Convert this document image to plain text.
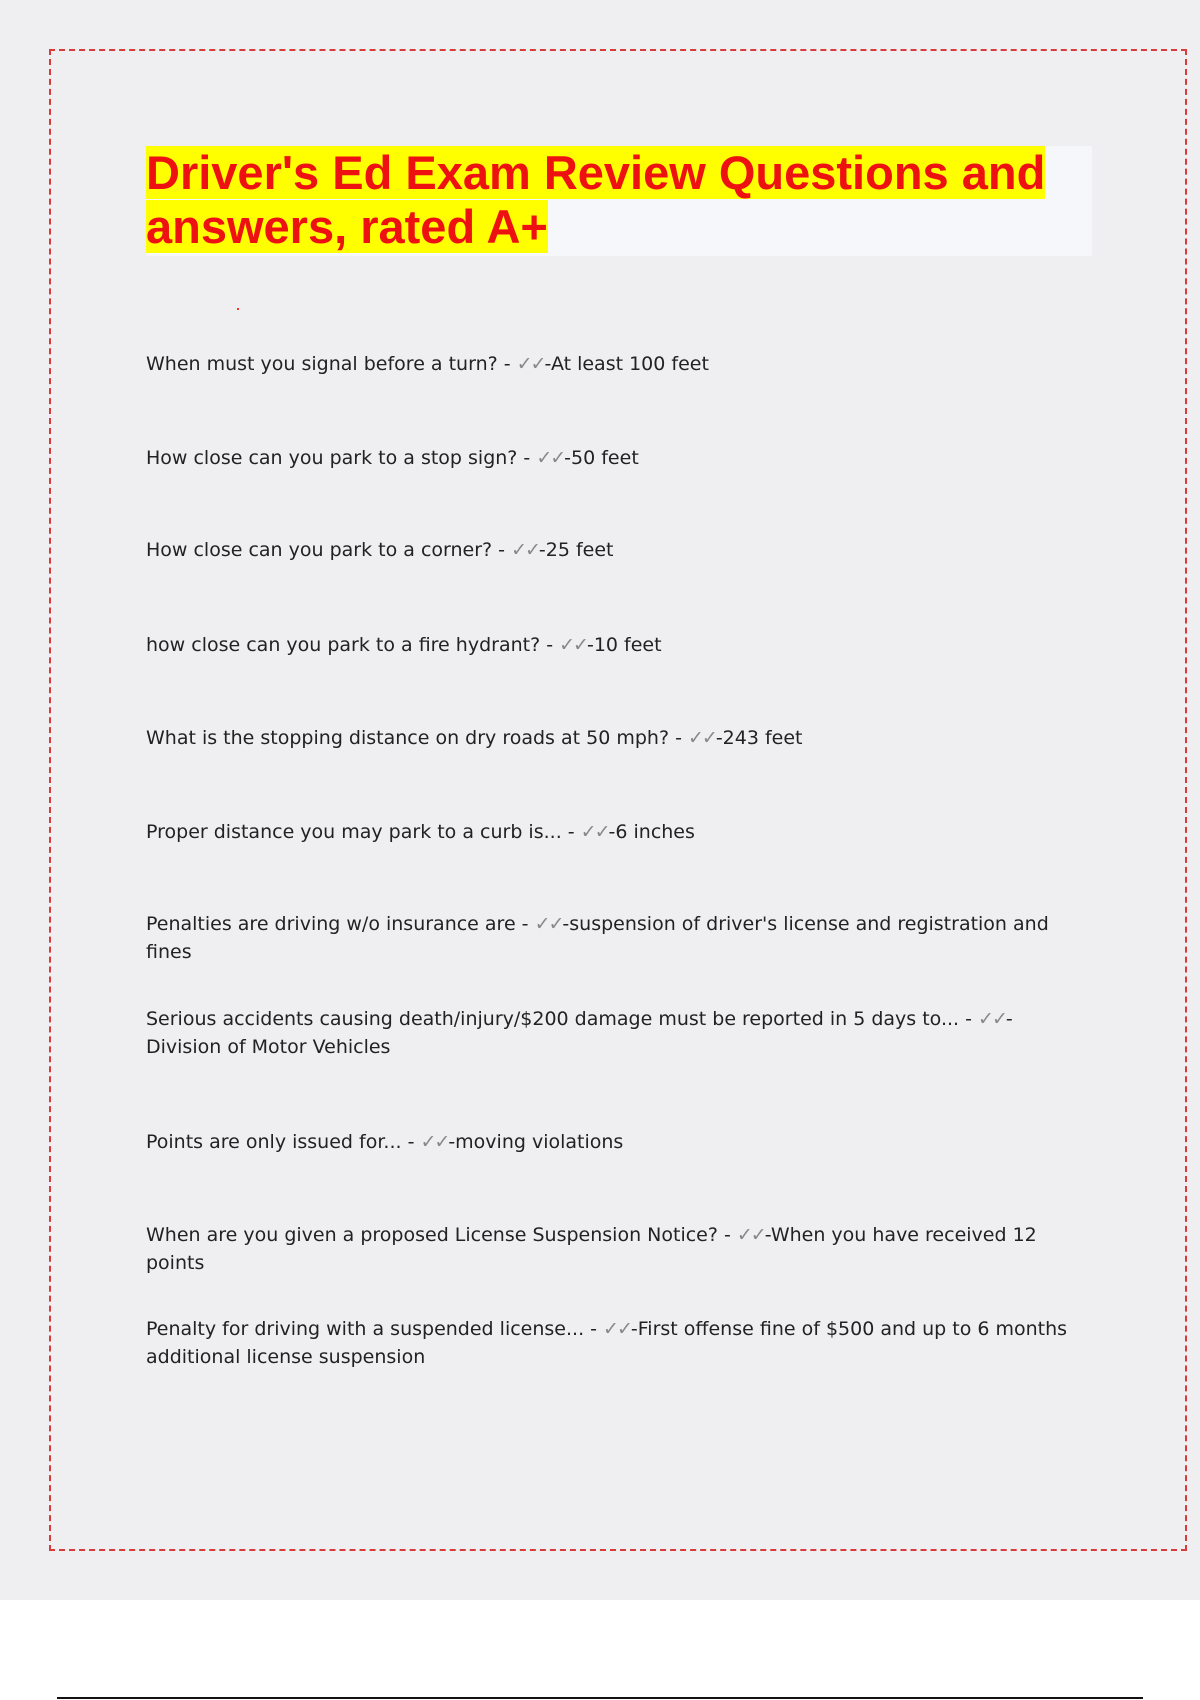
Driver's Ed Exam Review Questions and answers, rated A+
When must you signal before a turn? - ✓✓-At least 100 feet
How close can you park to a stop sign? - ✓✓-50 feet
How close can you park to a corner? - ✓✓-25 feet
how close can you park to a fire hydrant? - ✓✓-10 feet
What is the stopping distance on dry roads at 50 mph? - ✓✓-243 feet
Proper distance you may park to a curb is... - ✓✓-6 inches
Penalties are driving w/o insurance are - ✓✓-suspension of driver's license and registration and fines
Serious accidents causing death/injury/$200 damage must be reported in 5 days to... - ✓✓-Division of Motor Vehicles
Points are only issued for... - ✓✓-moving violations
When are you given a proposed License Suspension Notice? - ✓✓-When you have received 12 points
Penalty for driving with a suspended license... - ✓✓-First offense fine of $500 and up to 6 months additional license suspension
